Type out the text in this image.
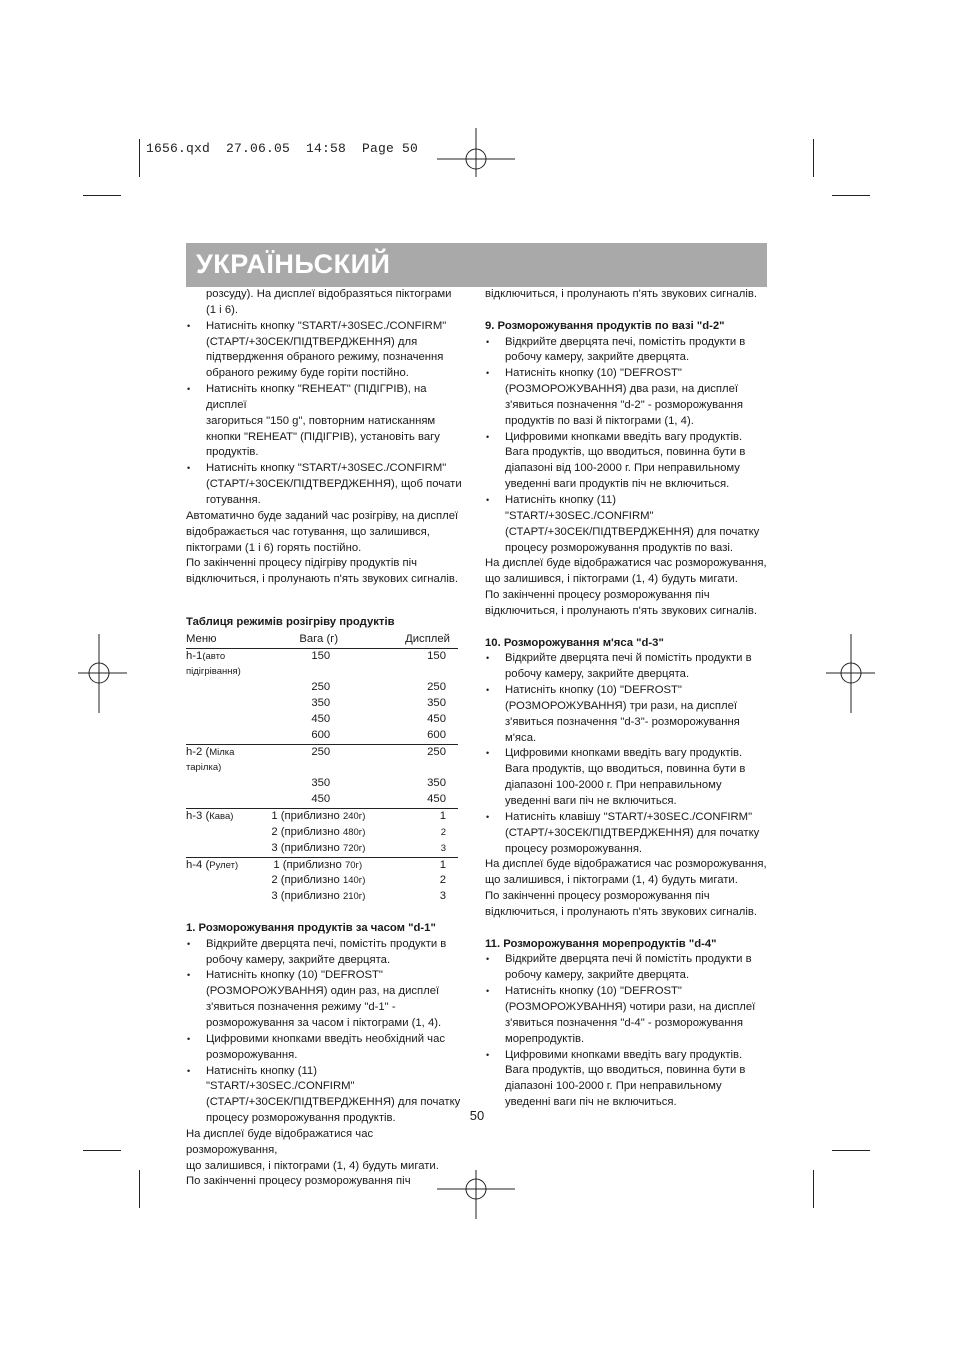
1656.qxd  27.06.05  14:58  Page 50
УКРАЇНЬСКИЙ

розсуду). На дисплеї відобразяться піктограми

(1 і 6).

• Натисніть кнопку "START/+30SEC./CONFIRM"
(СТАРТ/+30СЕК/ПІДТВЕРДЖЕННЯ) для
підтвердження обраного режиму, позначення
обраного режиму буде горіти постійно.
• Натисніть кнопку "REHEAT" (ПІДІГРІВ), на дисплеї
загориться "150 g", повторним натисканням
кнопки "REHEAT" (ПІДІГРІВ), установіть вагу
продуктів.
• Натисніть кнопку "START/+30SEC./CONFIRM"
(СТАРТ/+30СЕК/ПІДТВЕРДЖЕННЯ), щоб почати
готування.
Автоматично буде заданий час розігріву, на дисплеї
відображається час готування, що залишився,
піктограми (1 і 6) горять постійно.
По закінченні процесу підігріву продуктів піч
відключиться, і пролунають п'ять звукових сигналів.

Таблиця режимів розігріву продуктів

Меню	Вага (г)	Дисплей
h-1(авто підігрівання)	150	150
	250	250
	350	350
	450	450
	600	600
h-2 (Мілка тарілка)	250	250
	350	350
	450	450
h-3 (Кава)	1 (приблизно 240г)	1
	2 (приблизно 480г)	2
	3 (приблизно 720г)	3
h-4 (Рулет)	1 (приблизно 70г)	1
	2 (приблизно 140г)	2
	3 (приблизно 210г)	3

1. Розморожування продуктів за часом "d-1"

• Відкрийте дверцята печі, помістіть продукти в
робочу камеру, закрийте дверцята.
• Натисніть кнопку (10) "DEFROST"
(РОЗМОРОЖУВАННЯ) один раз, на дисплеї
з'явиться позначення режиму "d-1" -
розморожування за часом і піктограми (1, 4).
• Цифровими кнопками введіть необхідний час
розморожування.
• Натисніть кнопку (11) "START/+30SEC./CONFIRM"
(СТАРТ/+30СЕК/ПІДТВЕРДЖЕННЯ) для початку
процесу розморожування продуктів.
На дисплеї буде відображатися час розморожування,
що залишився, і піктограми (1, 4) будуть мигати.
По закінченні процесу розморожування піч

відключиться, і пролунають п'ять звукових сигналів.

9. Розморожування продуктів по вазі "d-2"

• Відкрийте дверцята печі, помістіть продукти в
робочу камеру, закрийте дверцята.
• Натисніть кнопку (10) "DEFROST"
(РОЗМОРОЖУВАННЯ) два рази, на дисплеї
з'явиться позначення "d-2" - розморожування
продуктів по вазі й піктограми (1, 4).
• Цифровими кнопками введіть вагу продуктів.
Вага продуктів, що вводиться, повинна бути в
діапазоні від 100-2000 г. При неправильному
уведенні ваги продуктів піч не включиться.
• Натисніть кнопку (11) "START/+30SEC./CONFIRM"
(СТАРТ/+30СЕК/ПІДТВЕРДЖЕННЯ) для початку
процесу розморожування продуктів по вазі.
На дисплеї буде відображатися час розморожування,
що залишився, і піктограми (1, 4) будуть мигати.
По закінченні процесу розморожування піч
відключиться, і пролунають п'ять звукових сигналів.

10. Розморожування м'яса "d-3"

• Відкрийте дверцята печі й помістіть продукти в
робочу камеру, закрийте дверцята.
• Натисніть кнопку (10) "DEFROST"
(РОЗМОРОЖУВАННЯ) три рази, на дисплеї
з'явиться позначення "d-3"- розморожування
м'яса.
• Цифровими кнопками введіть вагу продуктів.
Вага продуктів, що вводиться, повинна бути в
діапазоні 100-2000 г. При неправильному
уведенні ваги піч не включиться.
• Натисніть клавішу "START/+30SEC./CONFIRM"
(СТАРТ/+30СЕК/ПІДТВЕРДЖЕННЯ) для початку
процесу розморожування.
На дисплеї буде відображатися час розморожування,
що залишився, і піктограми (1, 4) будуть мигати.
По закінченні процесу розморожування піч
відключиться, і пролунають п'ять звукових сигналів.

11. Розморожування морепродуктів "d-4"

• Відкрийте дверцята печі й помістіть продукти в
робочу камеру, закрийте дверцята.
• Натисніть кнопку (10) "DEFROST"
(РОЗМОРОЖУВАННЯ) чотири рази, на дисплеї
з'явиться позначення "d-4" - розморожування
морепродуктів.
• Цифровими кнопками введіть вагу продуктів.
Вага продуктів, що вводиться, повинна бути в
діапазоні 100-2000 г. При неправильному
уведенні ваги піч не включиться.
50
